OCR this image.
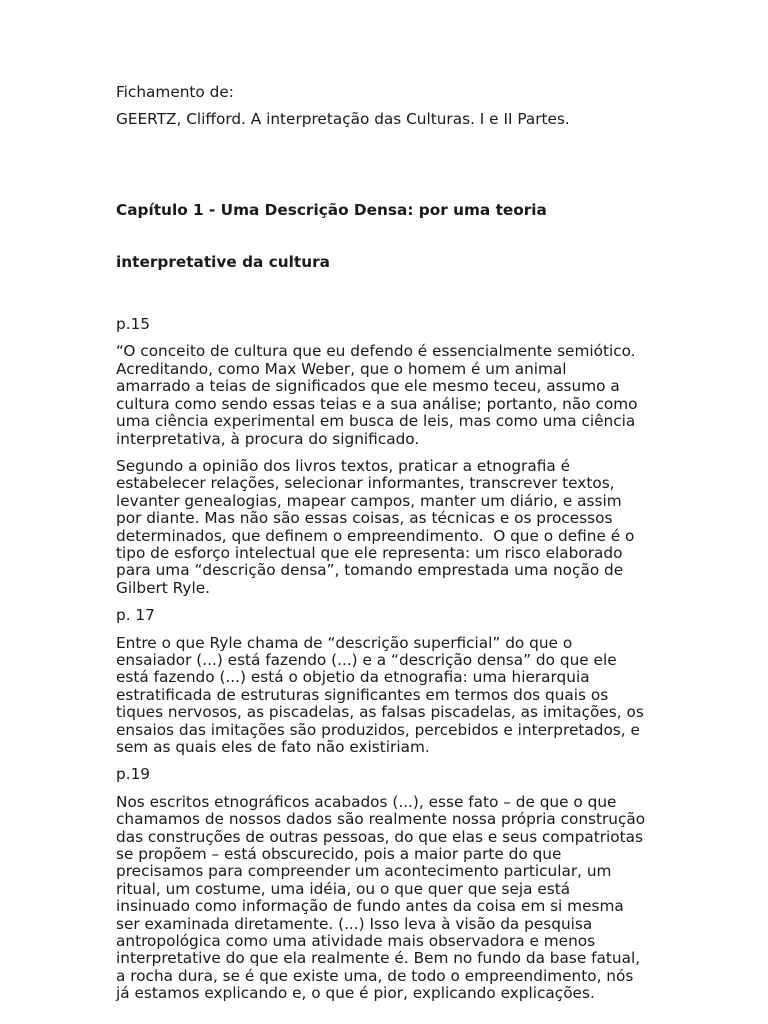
Fichamento de:

GEERTZ, Clifford. A interpretação das Culturas. I e II Partes.

Capítulo 1 - Uma Descrição Densa: por uma teoria

interpretative da cultura

p.15

“O conceito de cultura que eu defendo é essencialmente semiótico.
Acreditando, como Max Weber, que o homem é um animal
amarrado a teias de significados que ele mesmo teceu, assumo a
cultura como sendo essas teias e a sua análise; portanto, não como
uma ciência experimental em busca de leis, mas como uma ciência
interpretativa, à procura do significado.
Segundo a opinião dos livros textos, praticar a etnografia é
estabelecer relações, selecionar informantes, transcrever textos,
levanter genealogias, mapear campos, manter um diário, e assim
por diante. Mas não são essas coisas, as técnicas e os processos
determinados, que definem o empreendimento.  O que o define é o
tipo de esforço intelectual que ele representa: um risco elaborado
para uma “descrição densa”, tomando emprestada uma noção de
Gilbert Ryle.

p. 17

Entre o que Ryle chama de “descrição superficial” do que o
ensaiador (...) está fazendo (...) e a “descrição densa” do que ele
está fazendo (...) está o objetio da etnografia: uma hierarquia
estratificada de estruturas significantes em termos dos quais os
tiques nervosos, as piscadelas, as falsas piscadelas, as imitações, os
ensaios das imitações são produzidos, percebidos e interpretados, e
sem as quais eles de fato não existiriam.

p.19

Nos escritos etnográficos acabados (...), esse fato – de que o que
chamamos de nossos dados são realmente nossa própria construção
das construções de outras pessoas, do que elas e seus compatriotas
se propõem – está obscurecido, pois a maior parte do que
precisamos para compreender um acontecimento particular, um
ritual, um costume, uma idéia, ou o que quer que seja está
insinuado como informação de fundo antes da coisa em si mesma
ser examinada diretamente. (...) Isso leva à visão da pesquisa
antropológica como uma atividade mais observadora e menos
interpretative do que ela realmente é. Bem no fundo da base fatual,
a rocha dura, se é que existe uma, de todo o empreendimento, nós
já estamos explicando e, o que é pior, explicando explicações.
